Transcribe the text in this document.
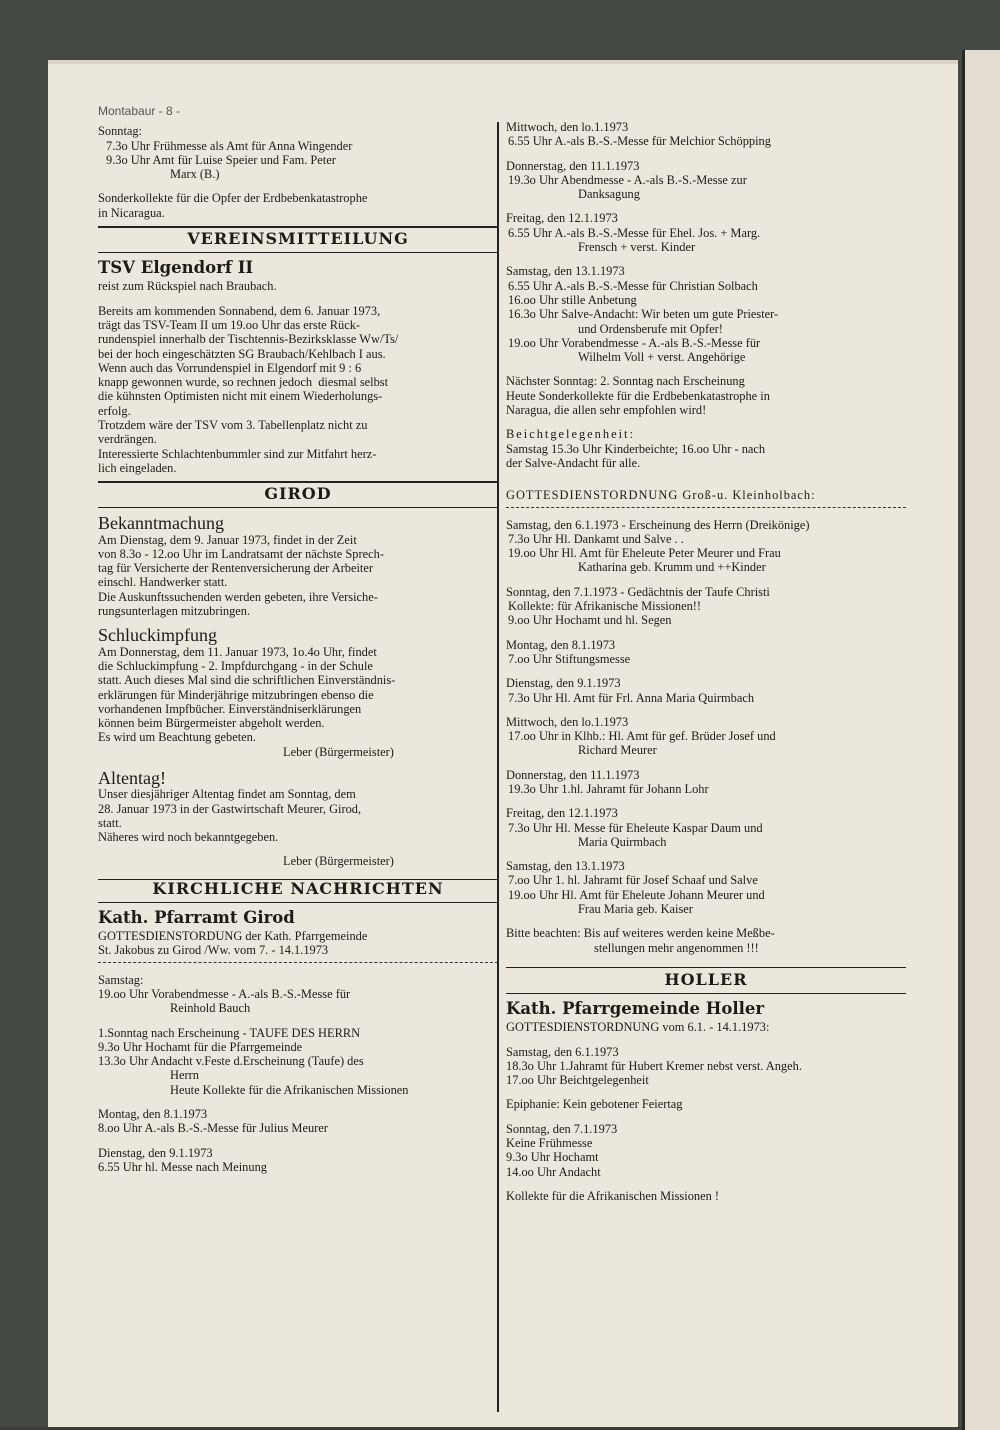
Montabaur - 8 -
Sonntag:
7.3o Uhr Frühmesse als Amt für Anna Wingender
9.3o Uhr Amt für Luise Speier und Fam. Peter
Marx (B.)
Sonderkollekte für die Opfer der Erdbebenkatastrophe
in Nicaragua.
VEREINSMITTEILUNG
TSV Elgendorf II
reist zum Rückspiel nach Braubach.
Bereits am kommenden Sonnabend, dem 6. Januar 1973,
trägt das TSV-Team II um 19.oo Uhr das erste Rück-
rundenspiel innerhalb der Tischtennis-Bezirksklasse Ww/Ts/
bei der hoch eingeschätzten SG Braubach/Kehlbach I aus.
Wenn auch das Vorrundenspiel in Elgendorf mit 9 : 6
knapp gewonnen wurde, so rechnen jedoch  diesmal selbst
die kühnsten Optimisten nicht mit einem Wiederholungs-
erfolg.
Trotzdem wäre der TSV vom 3. Tabellenplatz nicht zu
verdrängen.
Interessierte Schlachtenbummler sind zur Mitfahrt herz-
lich eingeladen.
GIROD
Bekanntmachung
Am Dienstag, dem 9. Januar 1973, findet in der Zeit
von 8.3o - 12.oo Uhr im Landratsamt der nächste Sprech-
tag für Versicherte der Rentenversicherung der Arbeiter
einschl. Handwerker statt.
Die Auskunftssuchenden werden gebeten, ihre Versiche-
rungsunterlagen mitzubringen.
Schluckimpfung
Am Donnerstag, dem 11. Januar 1973, 1o.4o Uhr, findet
die Schluckimpfung - 2. Impfdurchgang - in der Schule
statt. Auch dieses Mal sind die schriftlichen Einverständnis-
erklärungen für Minderjährige mitzubringen ebenso die
vorhandenen Impfbücher. Einverständniserklärungen
können beim Bürgermeister abgeholt werden.
Es wird um Beachtung gebeten.
Leber (Bürgermeister)
Altentag!
Unser diesjähriger Altentag findet am Sonntag, dem
28. Januar 1973 in der Gastwirtschaft Meurer, Girod,
statt.
Näheres wird noch bekanntgegeben.
Leber (Bürgermeister)
KIRCHLICHE NACHRICHTEN
Kath. Pfarramt Girod
GOTTESDIENSTORDUNG der Kath. Pfarrgemeinde
St. Jakobus zu Girod /Ww. vom 7. - 14.1.1973
Samstag:
19.oo Uhr Vorabendmesse - A.-als B.-S.-Messe für
Reinhold Bauch
1.Sonntag nach Erscheinung - TAUFE DES HERRN
9.3o Uhr Hochamt für die Pfarrgemeinde
13.3o Uhr Andacht v.Feste d.Erscheinung (Taufe) des
Herrn
Heute Kollekte für die Afrikanischen Missionen
Montag, den 8.1.1973
8.oo Uhr A.-als B.-S.-Messe für Julius Meurer
Dienstag, den 9.1.1973
6.55 Uhr hl. Messe nach Meinung
Mittwoch, den lo.1.1973
6.55 Uhr A.-als B.-S.-Messe für Melchior Schöpping
Donnerstag, den 11.1.1973
19.3o Uhr Abendmesse - A.-als B.-S.-Messe zur
Danksagung
Freitag, den 12.1.1973
6.55 Uhr A.-als B.-S.-Messe für Ehel. Jos. + Marg.
Frensch + verst. Kinder
Samstag, den 13.1.1973
6.55 Uhr A.-als B.-S.-Messe für Christian Solbach
16.oo Uhr stille Anbetung
16.3o Uhr Salve-Andacht: Wir beten um gute Priester-
und Ordensberufe mit Opfer!
19.oo Uhr Vorabendmesse - A.-als B.-S.-Messe für
Wilhelm Voll + verst. Angehörige
Nächster Sonntag: 2. Sonntag nach Erscheinung
Heute Sonderkollekte für die Erdbebenkatastrophe in
Naragua, die allen sehr empfohlen wird!
Beichtgelegenheit:
Samstag 15.3o Uhr Kinderbeichte; 16.oo Uhr - nach
der Salve-Andacht für alle.
GOTTESDIENSTORDNUNG Groß-u. Kleinholbach:
Samstag, den 6.1.1973 - Erscheinung des Herrn (Dreikönige)
7.3o Uhr Hl. Dankamt und Salve . .
19.oo Uhr Hl. Amt für Eheleute Peter Meurer und Frau
Katharina geb. Krumm und ++Kinder
Sonntag, den 7.1.1973 - Gedächtnis der Taufe Christi
Kollekte: für Afrikanische Missionen!!
9.oo Uhr Hochamt und hl. Segen
Montag, den 8.1.1973
7.oo Uhr Stiftungsmesse
Dienstag, den 9.1.1973
7.3o Uhr Hl. Amt für Frl. Anna Maria Quirmbach
Mittwoch, den lo.1.1973
17.oo Uhr in Klhb.: Hl. Amt für gef. Brüder Josef und
Richard Meurer
Donnerstag, den 11.1.1973
19.3o Uhr 1.hl. Jahramt für Johann Lohr
Freitag, den 12.1.1973
7.3o Uhr Hl. Messe für Eheleute Kaspar Daum und
Maria Quirmbach
Samstag, den 13.1.1973
7.oo Uhr 1. hl. Jahramt für Josef Schaaf und Salve
19.oo Uhr Hl. Amt für Eheleute Johann Meurer und
Frau Maria geb. Kaiser
Bitte beachten: Bis auf weiteres werden keine Meßbe-
stellungen mehr angenommen !!!
HOLLER
Kath. Pfarrgemeinde Holler
GOTTESDIENSTORDNUNG vom 6.1. - 14.1.1973:
Samstag, den 6.1.1973
18.3o Uhr 1.Jahramt für Hubert Kremer nebst verst. Angeh.
17.oo Uhr Beichtgelegenheit
Epiphanie: Kein gebotener Feiertag
Sonntag, den 7.1.1973
Keine Frühmesse
9.3o Uhr Hochamt
14.oo Uhr Andacht
Kollekte für die Afrikanischen Missionen !
